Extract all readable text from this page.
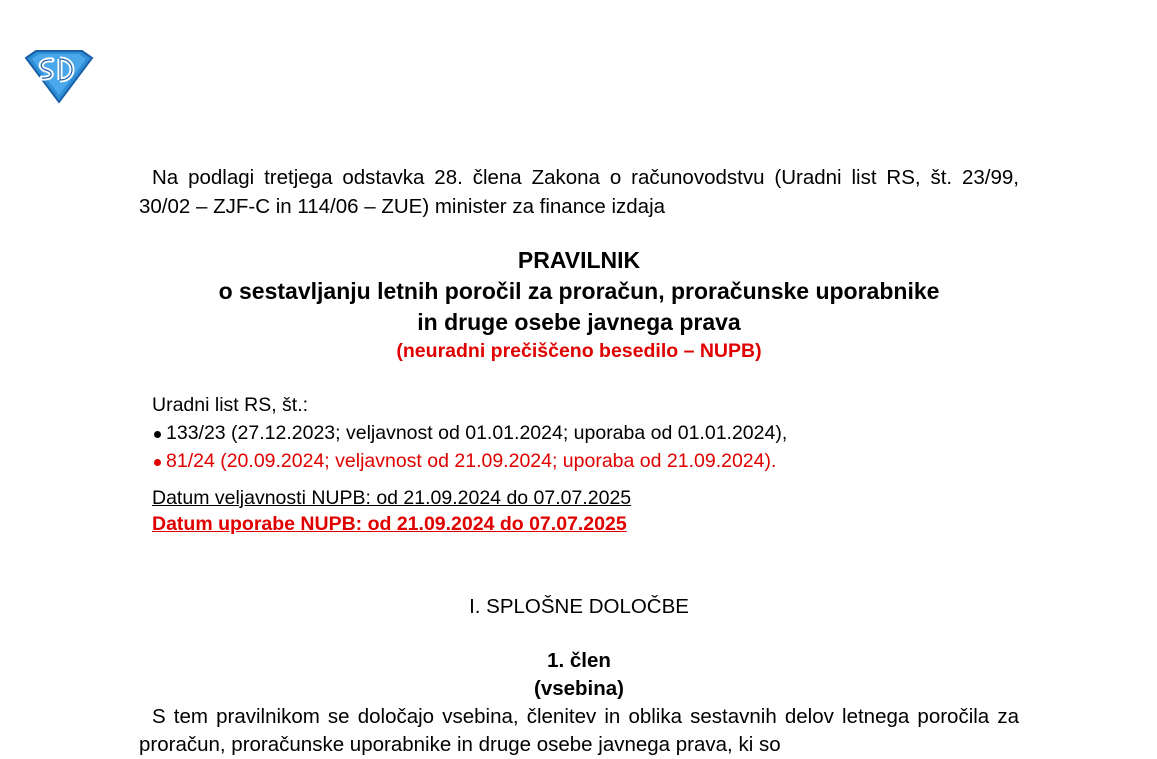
Na podlagi tretjega odstavka 28. člena Zakona o računovodstvu (Uradni list RS, št. 23/99, 30/02 – ZJF-C in 114/06 – ZUE) minister za finance izdaja

PRAVILNIK
o sestavljanju letnih poročil za proračun, proračunske uporabnike
in druge osebe javnega prava
(neuradni prečiščeno besedilo – NUPB)
Uradni list RS, št.:
133/23 (27.12.2023; veljavnost od 01.01.2024; uporaba od 01.01.2024),
81/24 (20.09.2024; veljavnost od 21.09.2024; uporaba od 21.09.2024).
Datum veljavnosti NUPB: od 21.09.2024 do 07.07.2025
Datum uporabe NUPB: od 21.09.2024 do 07.07.2025
I. SPLOŠNE DOLOČBE
1. člen
(vsebina)

S tem pravilnikom se določajo vsebina, členitev in oblika sestavnih delov letnega poročila za proračun, proračunske uporabnike in druge osebe javnega prava, ki so
